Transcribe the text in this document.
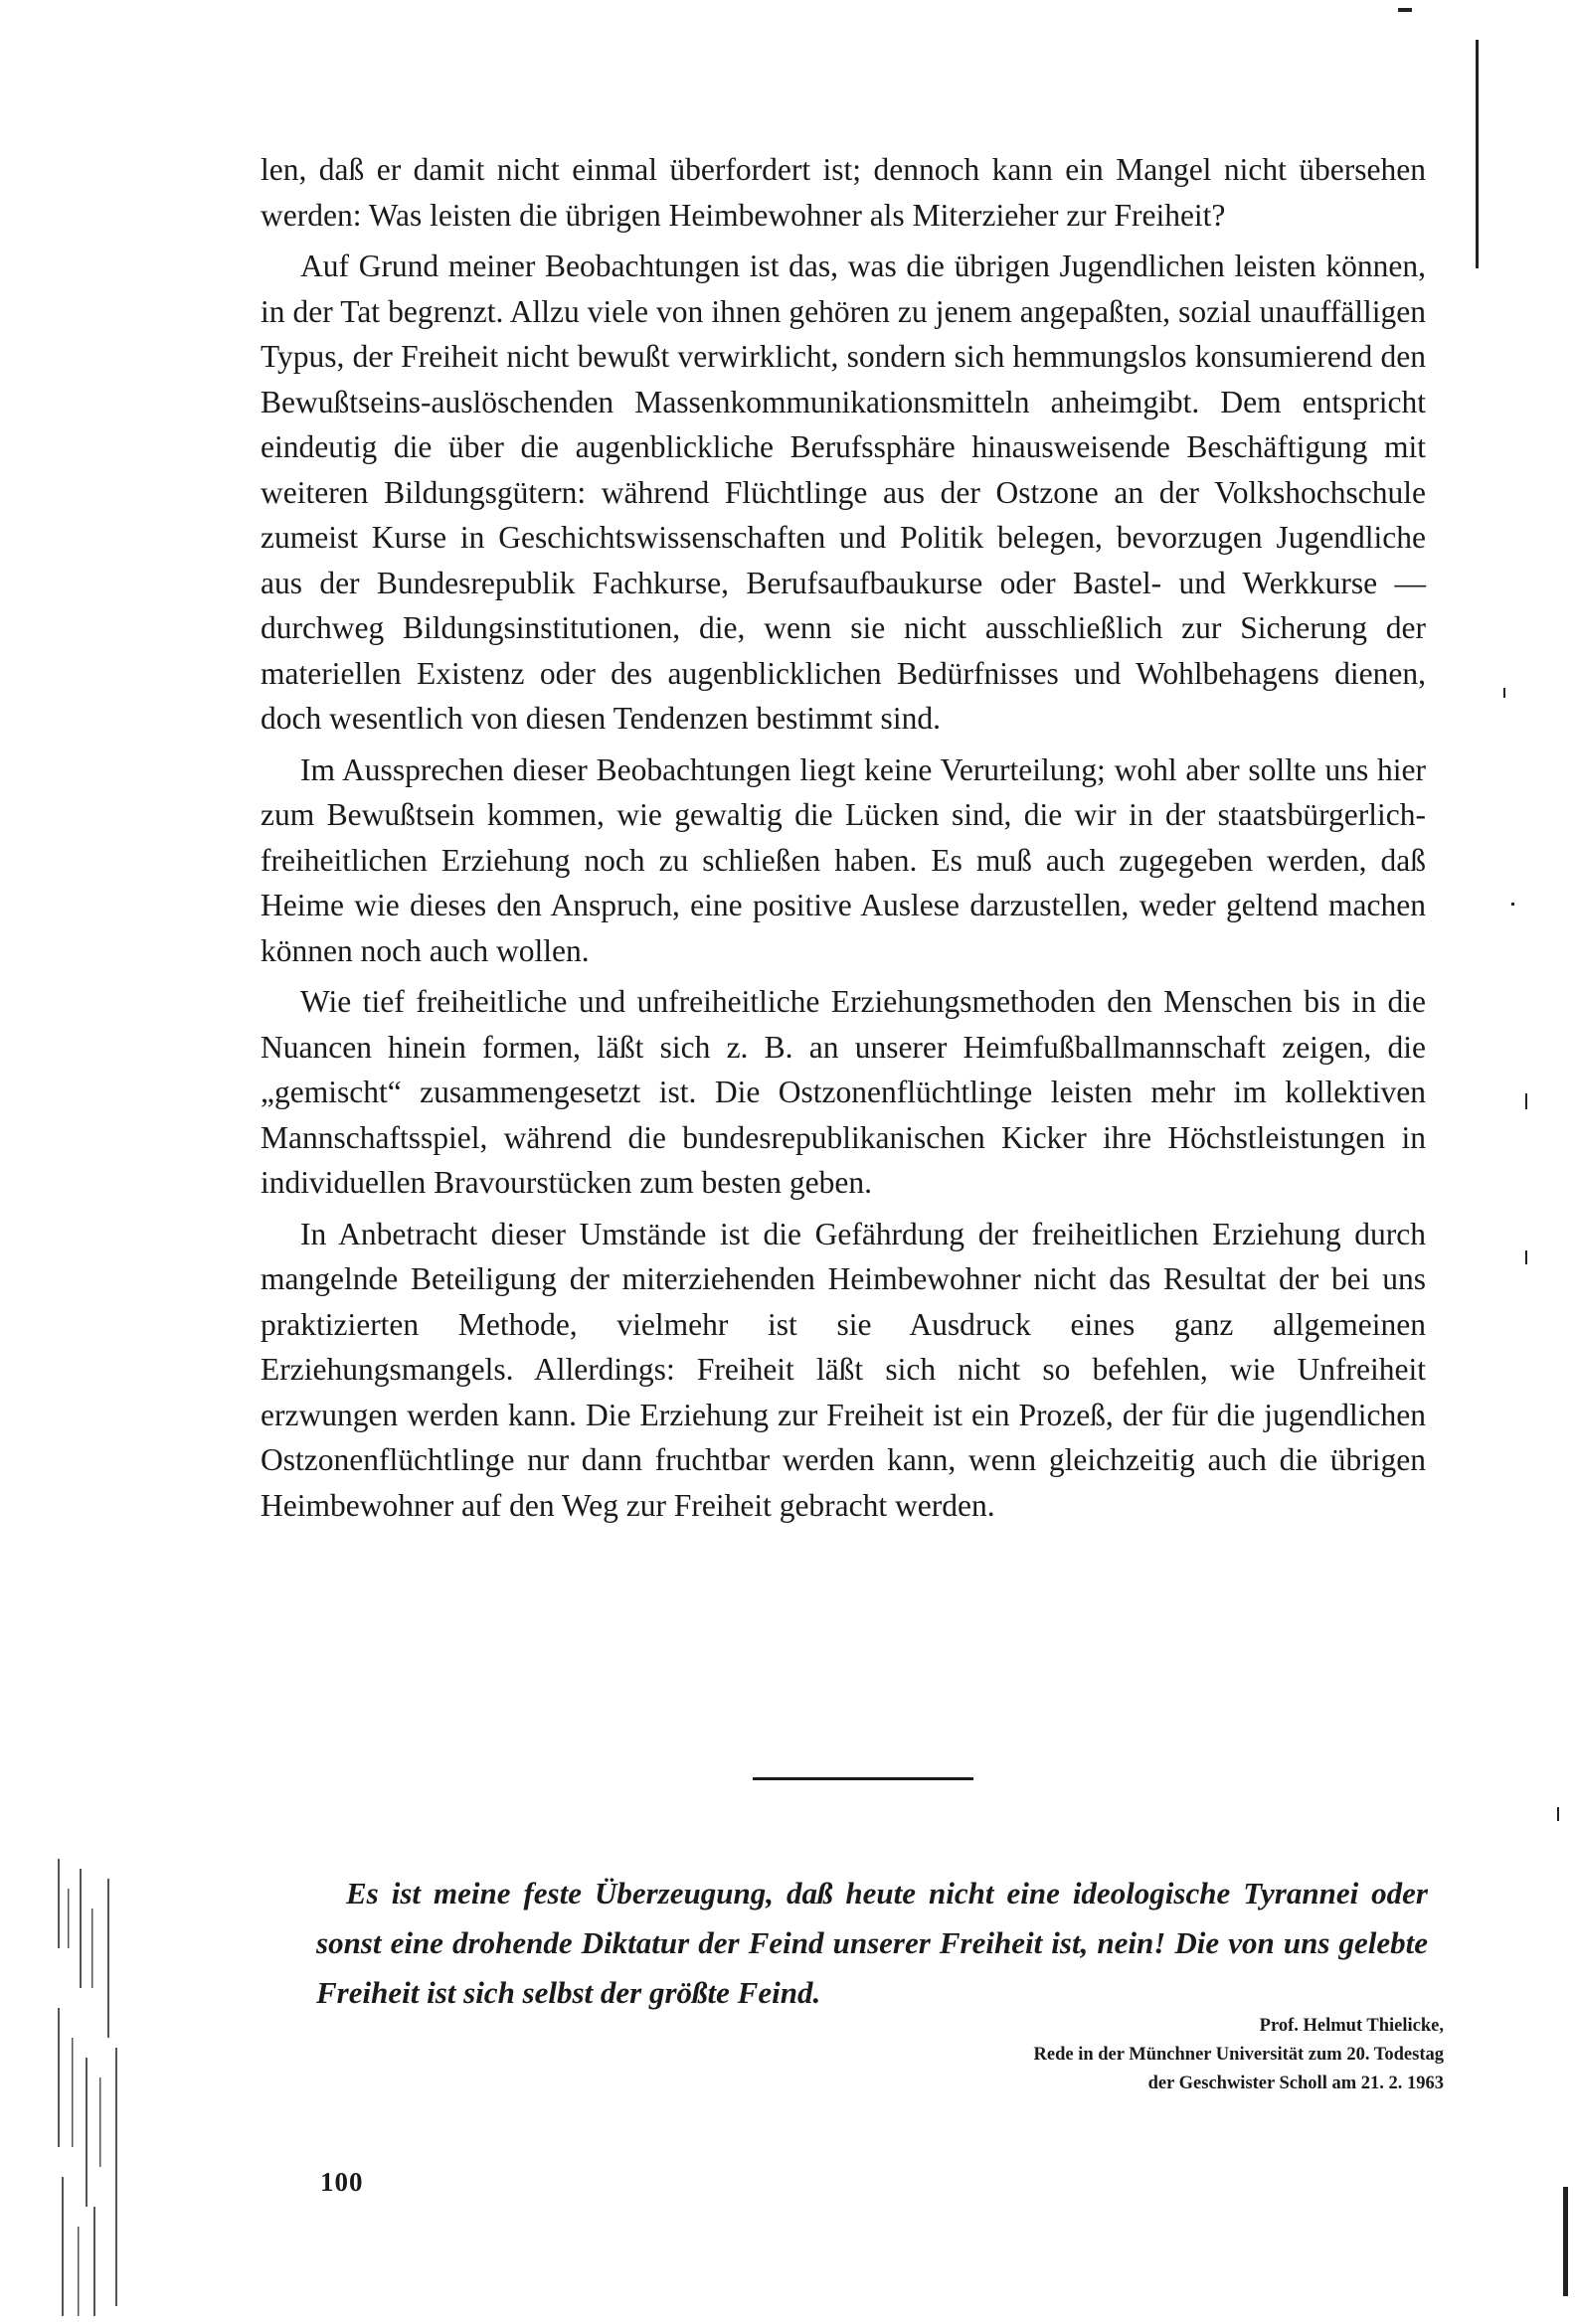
len, daß er damit nicht einmal überfordert ist; dennoch kann ein Mangel nicht übersehen werden: Was leisten die übrigen Heimbewohner als Miterzieher zur Freiheit?

Auf Grund meiner Beobachtungen ist das, was die übrigen Jugendlichen leisten können, in der Tat begrenzt. Allzu viele von ihnen gehören zu jenem angepaßten, sozial unauffälligen Typus, der Freiheit nicht bewußt verwirklicht, sondern sich hemmungslos konsumierend den Bewußtseins-auslöschenden Massenkommunikationsmitteln anheimgibt. Dem entspricht eindeutig die über die augenblickliche Berufssphäre hinausweisende Beschäftigung mit weiteren Bildungsgütern: während Flüchtlinge aus der Ostzone an der Volkshochschule zumeist Kurse in Geschichtswissenschaften und Politik belegen, bevorzugen Jugendliche aus der Bundesrepublik Fachkurse, Berufsaufbaukurse oder Bastel- und Werkkurse — durchweg Bildungsinstitutionen, die, wenn sie nicht ausschließlich zur Sicherung der materiellen Existenz oder des augenblicklichen Bedürfnisses und Wohlbehagens dienen, doch wesentlich von diesen Tendenzen bestimmt sind.

Im Aussprechen dieser Beobachtungen liegt keine Verurteilung; wohl aber sollte uns hier zum Bewußtsein kommen, wie gewaltig die Lücken sind, die wir in der staatsbürgerlich-freiheitlichen Erziehung noch zu schließen haben. Es muß auch zugegeben werden, daß Heime wie dieses den Anspruch, eine positive Auslese darzustellen, weder geltend machen können noch auch wollen.

Wie tief freiheitliche und unfreiheitliche Erziehungsmethoden den Menschen bis in die Nuancen hinein formen, läßt sich z. B. an unserer Heimfußballmannschaft zeigen, die „gemischt“ zusammengesetzt ist. Die Ostzonenflüchtlinge leisten mehr im kollektiven Mannschaftsspiel, während die bundesrepublikanischen Kicker ihre Höchstleistungen in individuellen Bravourstücken zum besten geben.

In Anbetracht dieser Umstände ist die Gefährdung der freiheitlichen Erziehung durch mangelnde Beteiligung der miterziehenden Heimbewohner nicht das Resultat der bei uns praktizierten Methode, vielmehr ist sie Ausdruck eines ganz allgemeinen Erziehungsmangels. Allerdings: Freiheit läßt sich nicht so befehlen, wie Unfreiheit erzwungen werden kann. Die Erziehung zur Freiheit ist ein Prozeß, der für die jugendlichen Ostzonenflüchtlinge nur dann fruchtbar werden kann, wenn gleichzeitig auch die übrigen Heimbewohner auf den Weg zur Freiheit gebracht werden.

Es ist meine feste Überzeugung, daß heute nicht eine ideologische Tyrannei oder sonst eine drohende Diktatur der Feind unserer Freiheit ist, nein! Die von uns gelebte Freiheit ist sich selbst der größte Feind.

Prof. Helmut Thielicke,
Rede in der Münchner Universität zum 20. Todestag
der Geschwister Scholl am 21. 2. 1963
100
